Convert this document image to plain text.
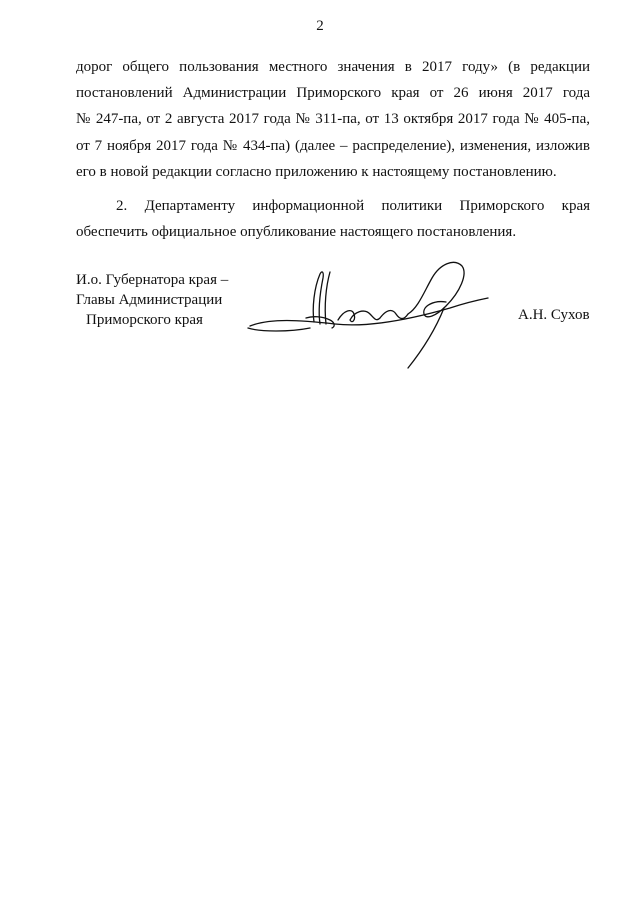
2
дорог общего пользования местного значения в 2017 году» (в редакции
постановлений Администрации Приморского края от 26 июня 2017 года
№ 247-па, от 2 августа 2017 года № 311-па, от 13 октября 2017 года № 405-па,
от 7 ноября 2017 года № 434-па) (далее – распределение), изменения, изложив
его в новой редакции согласно приложению к настоящему постановлению.
2. Департаменту информационной политики Приморского края
обеспечить официальное опубликование настоящего постановления.
И.о. Губернатора края –
Главы Администрации
Приморского края	А.Н. Сухов
